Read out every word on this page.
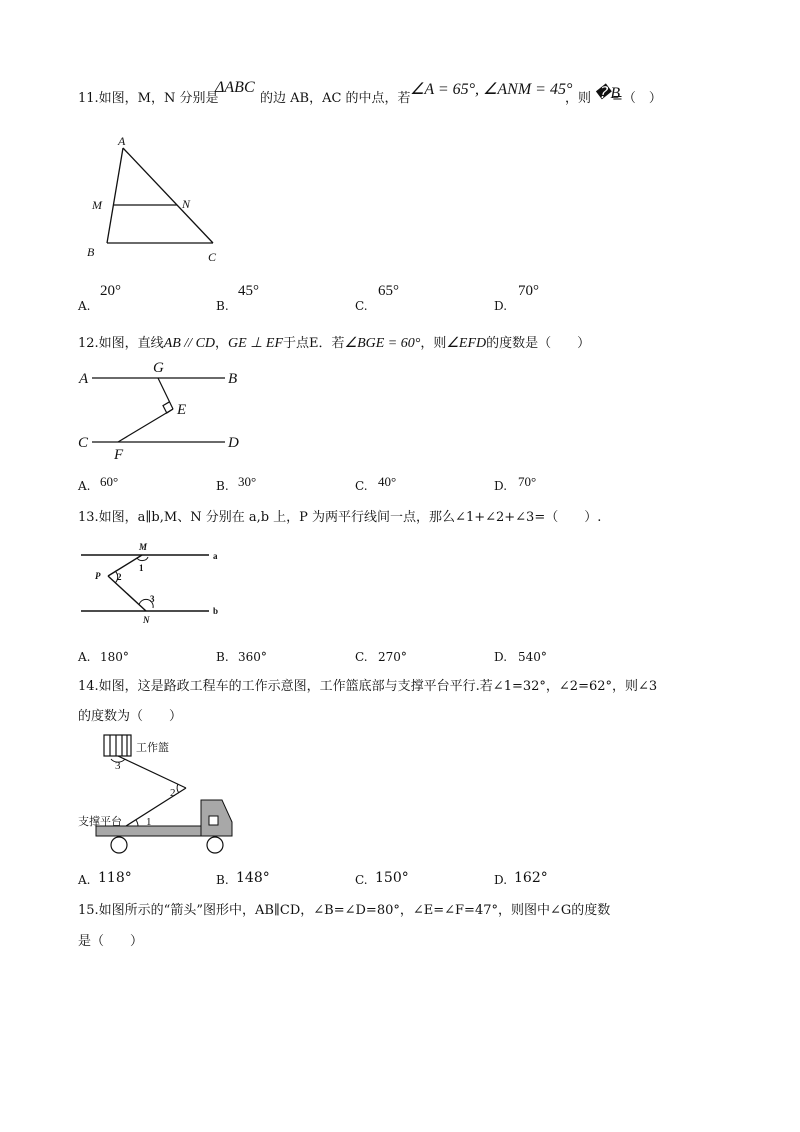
11.如图，M，N 分别是
ΔABC
的边 AB，AC 的中点，若
∠A = 65°, ∠ANM = 45°
，则 �B
=（　）
A
M	N
B	C
A.
20°
B.
45°
C.
65°
D.
70°
12.如图，直线AB // CD，GE ⊥ EF于点E．若∠BGE = 60°，则∠EFD的度数是（　　）
A
G
B
E
C
F
D
A. 60°	B. 30°	C. 40°	D. 70°
13.如图，a∥b,M、N 分别在 a,b 上，P 为两平行线间一点，那么∠1+∠2+∠3=（　　）.
M
a
P 2
1
3
b
N
A. 180°	B. 360°	C. 270°	D. 540°
14.如图，这是路政工程车的工作示意图，工作篮底部与支撑平台平行.若∠1=32°，∠2=62°，则∠3
的度数为（　　）
工作篮
支撑平台
3
2
1
A. 118°	B. 148°	C. 150°	D. 162°
15.如图所示的“箭头”图形中，AB∥CD，∠B=∠D=80°，∠E=∠F=47°，则图中∠G的度数
是（　　）
